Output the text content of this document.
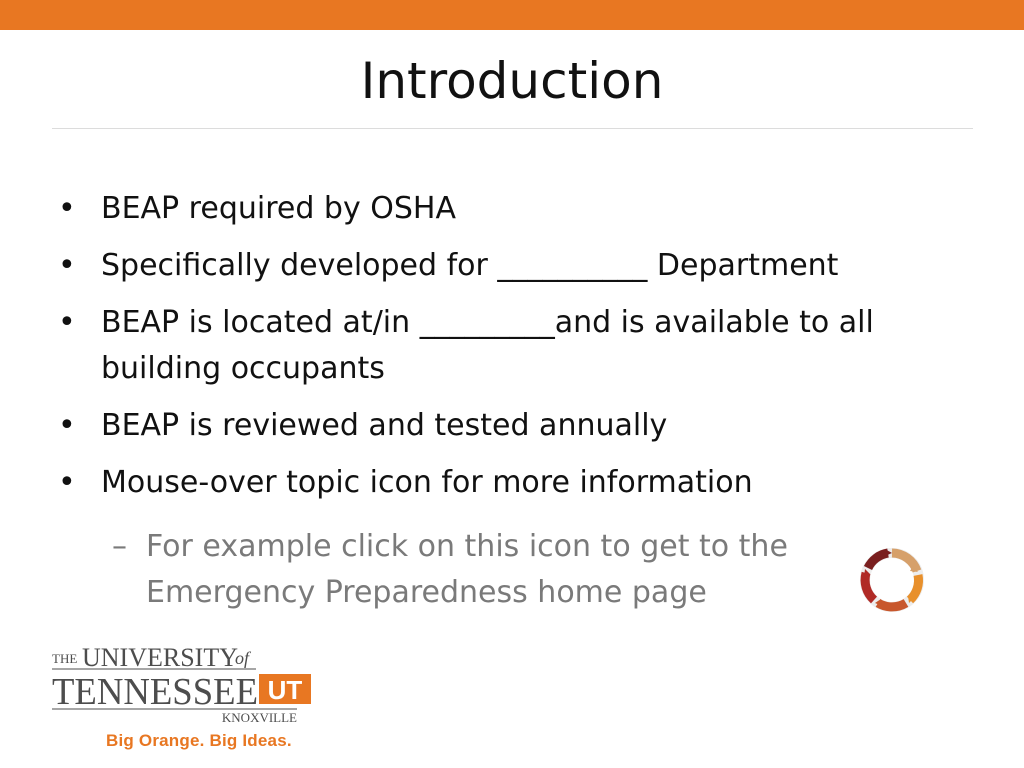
Introduction
• BEAP required by OSHA
• Specifically developed for __________ Department
• BEAP is located at/in _________and is available to all building occupants
• BEAP is reviewed and tested annually
• Mouse-over topic icon for more information
– For example click on this icon to get to the Emergency Preparedness home page
THE UNIVERSITY
of
TENNESSEE UT
KNOXVILLE
Big Orange. Big Ideas.
